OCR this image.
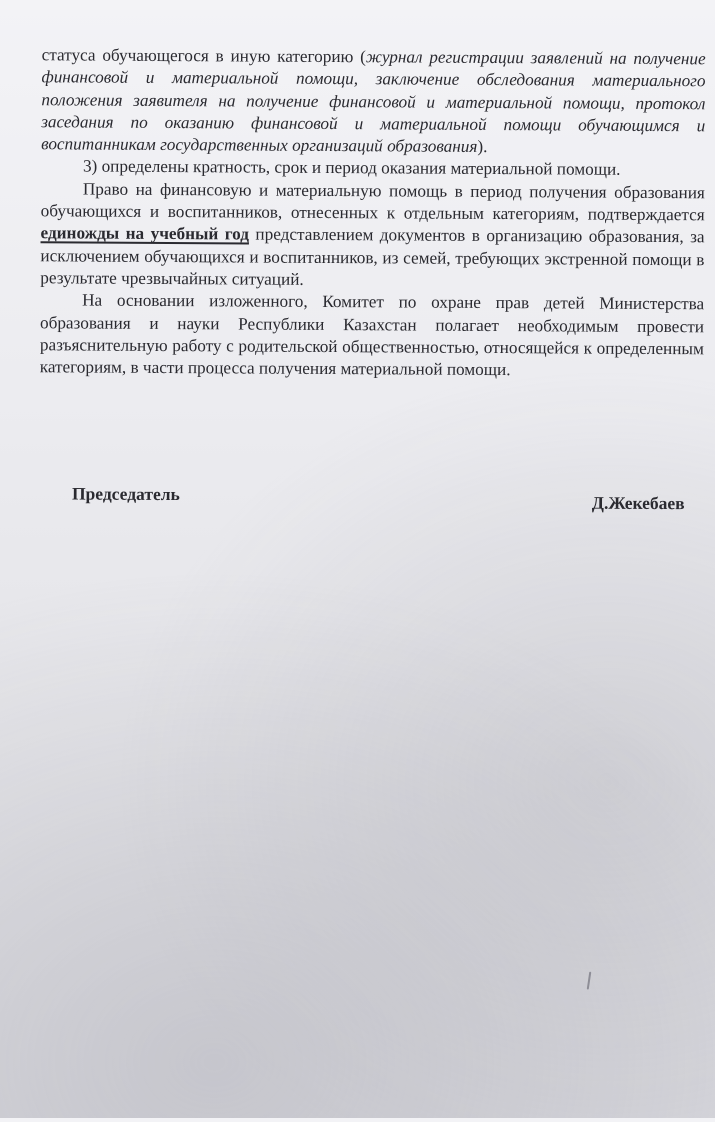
статуса обучающегося в иную категорию (журнал регистрации заявлений на получение финансовой и материальной помощи, заключение обследования материального положения заявителя на получение финансовой и материальной помощи, протокол заседания по оказанию финансовой и материальной помощи обучающимся и воспитанникам государственных организаций образования).

3) определены кратность, срок и период оказания материальной помощи.

Право на финансовую и материальную помощь в период получения образования обучающихся и воспитанников, отнесенных к отдельным категориям, подтверждается единожды на учебный год представлением документов в организацию образования, за исключением обучающихся и воспитанников, из семей, требующих экстренной помощи в результате чрезвычайных ситуаций.

На основании изложенного, Комитет по охране прав детей Министерства образования и науки Республики Казахстан полагает необходимым провести разъяснительную работу с родительской общественностью, относящейся к определенным категориям, в части процесса получения материальной помощи.

Председатель	Д.Жекебаев
